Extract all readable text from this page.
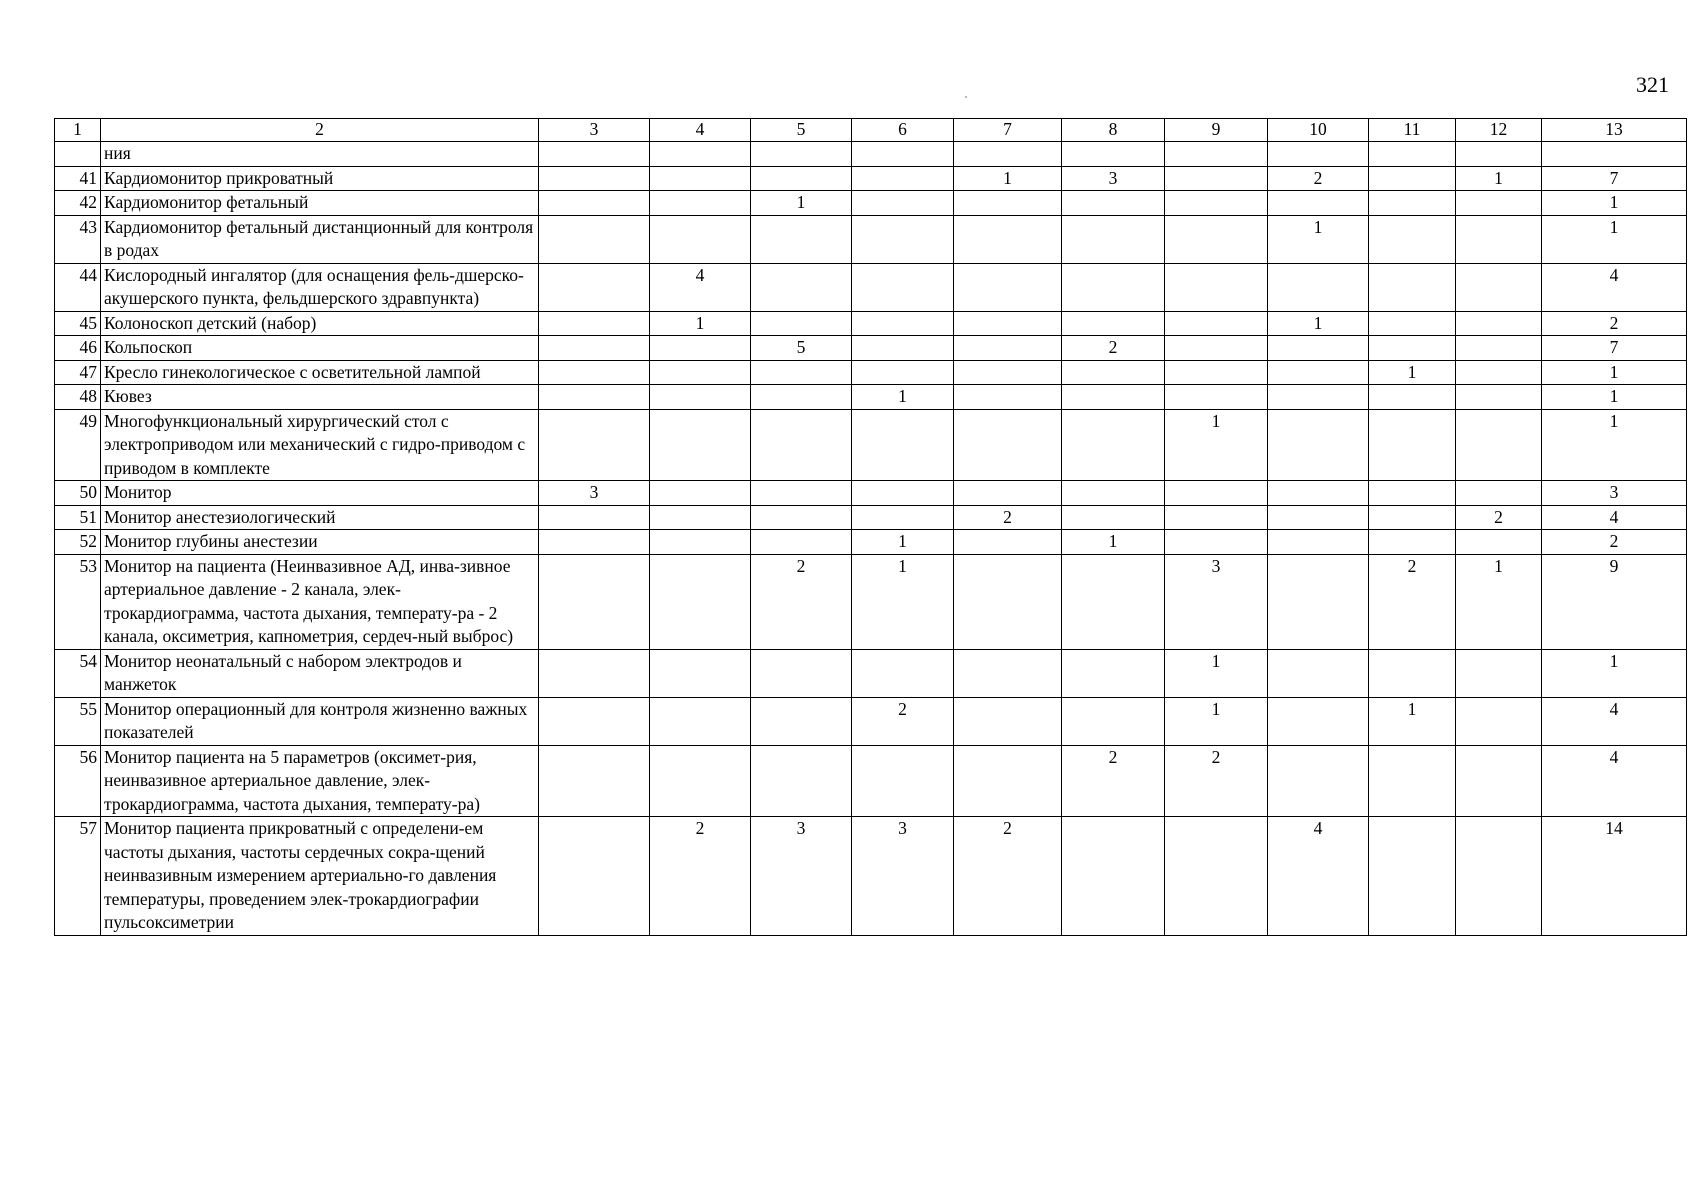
321
1	2	3	4	5	6	7	8	9	10	11	12	13
	ния											
41	Кардиомонитор прикроватный					1	3		2		1	7
42	Кардиомонитор фетальный			1								1
43	Кардиомонитор фетальный дистанционный для контроля в родах								1			1
44	Кислородный ингалятор (для оснащения фель-дшерско-акушерского пункта, фельдшерского здравпункта)		4									4
45	Колоноскоп детский (набор)		1						1			2
46	Кольпоскоп			5			2					7
47	Кресло гинекологическое с осветительной лампой									1		1
48	Кювез				1							1
49	Многофункциональный хирургический стол с электроприводом или механический с гидро-приводом с приводом в комплекте							1				1
50	Монитор	3										3
51	Монитор анестезиологический					2					2	4
52	Монитор глубины анестезии				1		1					2
53	Монитор на пациента (Неинвазивное АД, инва-зивное артериальное давление - 2 канала, элек-трокардиограмма, частота дыхания, температу-ра - 2 канала, оксиметрия, капнометрия, сердеч-ный выброс)			2	1			3		2	1	9
54	Монитор неонатальный с набором электродов и манжеток							1				1
55	Монитор операционный для контроля жизненно важных показателей				2			1		1		4
56	Монитор пациента на 5 параметров (оксимет-рия, неинвазивное артериальное давление, элек-трокардиограмма, частота дыхания, температу-ра)						2	2				4
57	Монитор пациента прикроватный с определени-ем частоты дыхания, частоты сердечных сокра-щений неинвазивным измерением артериально-го давления температуры, проведением элек-трокардиографии пульсоксиметрии		2	3	3	2			4			14
